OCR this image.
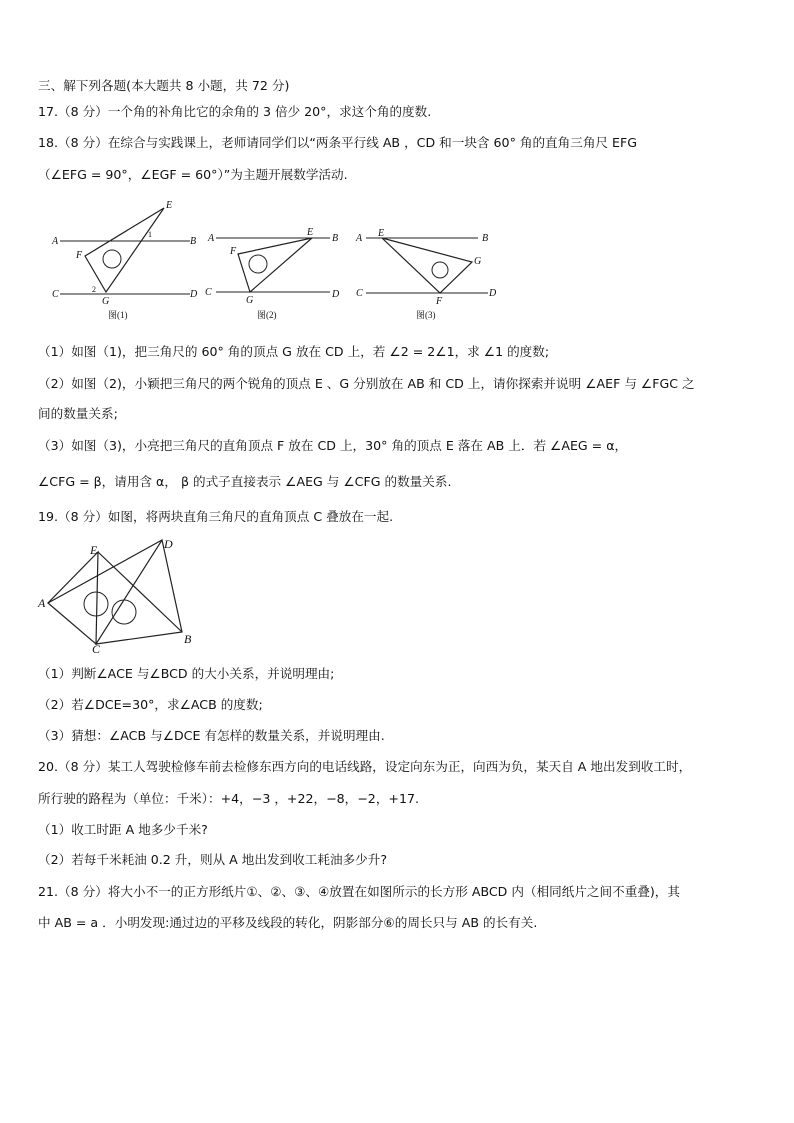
三、解下列各题(本大题共 8 小题，共 72 分)
17.（8 分）一个角的补角比它的余角的 3 倍少 20°，求这个角的度数.
18.（8 分）在综合与实践课上，老师请同学们以“两条平行线 AB ，CD 和一块含 60° 角的直角三角尺 EFG
（∠EFG = 90°，∠EGF = 60°）”为主题开展数学活动.
A	B
C	D
E
F
G
1
2
图(1)
A	B
C	D
E
F
G
图(2)
A	B
C	D
E
F
G
图(3)
（1）如图（1)，把三角尺的 60° 角的顶点 G 放在 CD 上，若 ∠2 = 2∠1，求 ∠1 的度数;
（2）如图（2)，小颖把三角尺的两个锐角的顶点 E 、G 分别放在 AB 和 CD 上，请你探索并说明 ∠AEF 与 ∠FGC 之
间的数量关系;
（3）如图（3)，小亮把三角尺的直角顶点 F 放在 CD 上，30° 角的顶点 E 落在 AB 上．若 ∠AEG = α，
∠CFG = β，请用含 α， β 的式子直接表示 ∠AEG 与 ∠CFG 的数量关系.
19.（8 分）如图，将两块直角三角尺的直角顶点 C 叠放在一起.
A
B
C
D
E
（1）判断∠ACE 与∠BCD 的大小关系，并说明理由;
（2）若∠DCE=30°，求∠ACB 的度数;
（3）猜想：∠ACB 与∠DCE 有怎样的数量关系，并说明理由.
20.（8 分）某工人驾驶检修车前去检修东西方向的电话线路，设定向东为正，向西为负，某天自 A 地出发到收工时，
所行驶的路程为（单位：千米）：+4，−3 ，+22，−8，−2，+17.
（1）收工时距 A 地多少千米?
（2）若每千米耗油 0.2 升，则从 A 地出发到收工耗油多少升?
21.（8 分）将大小不一的正方形纸片①、②、③、④放置在如图所示的长方形 ABCD 内（相同纸片之间不重叠)，其
中 AB = a ．小明发现:通过边的平移及线段的转化，阴影部分⑥的周长只与 AB 的长有关.
